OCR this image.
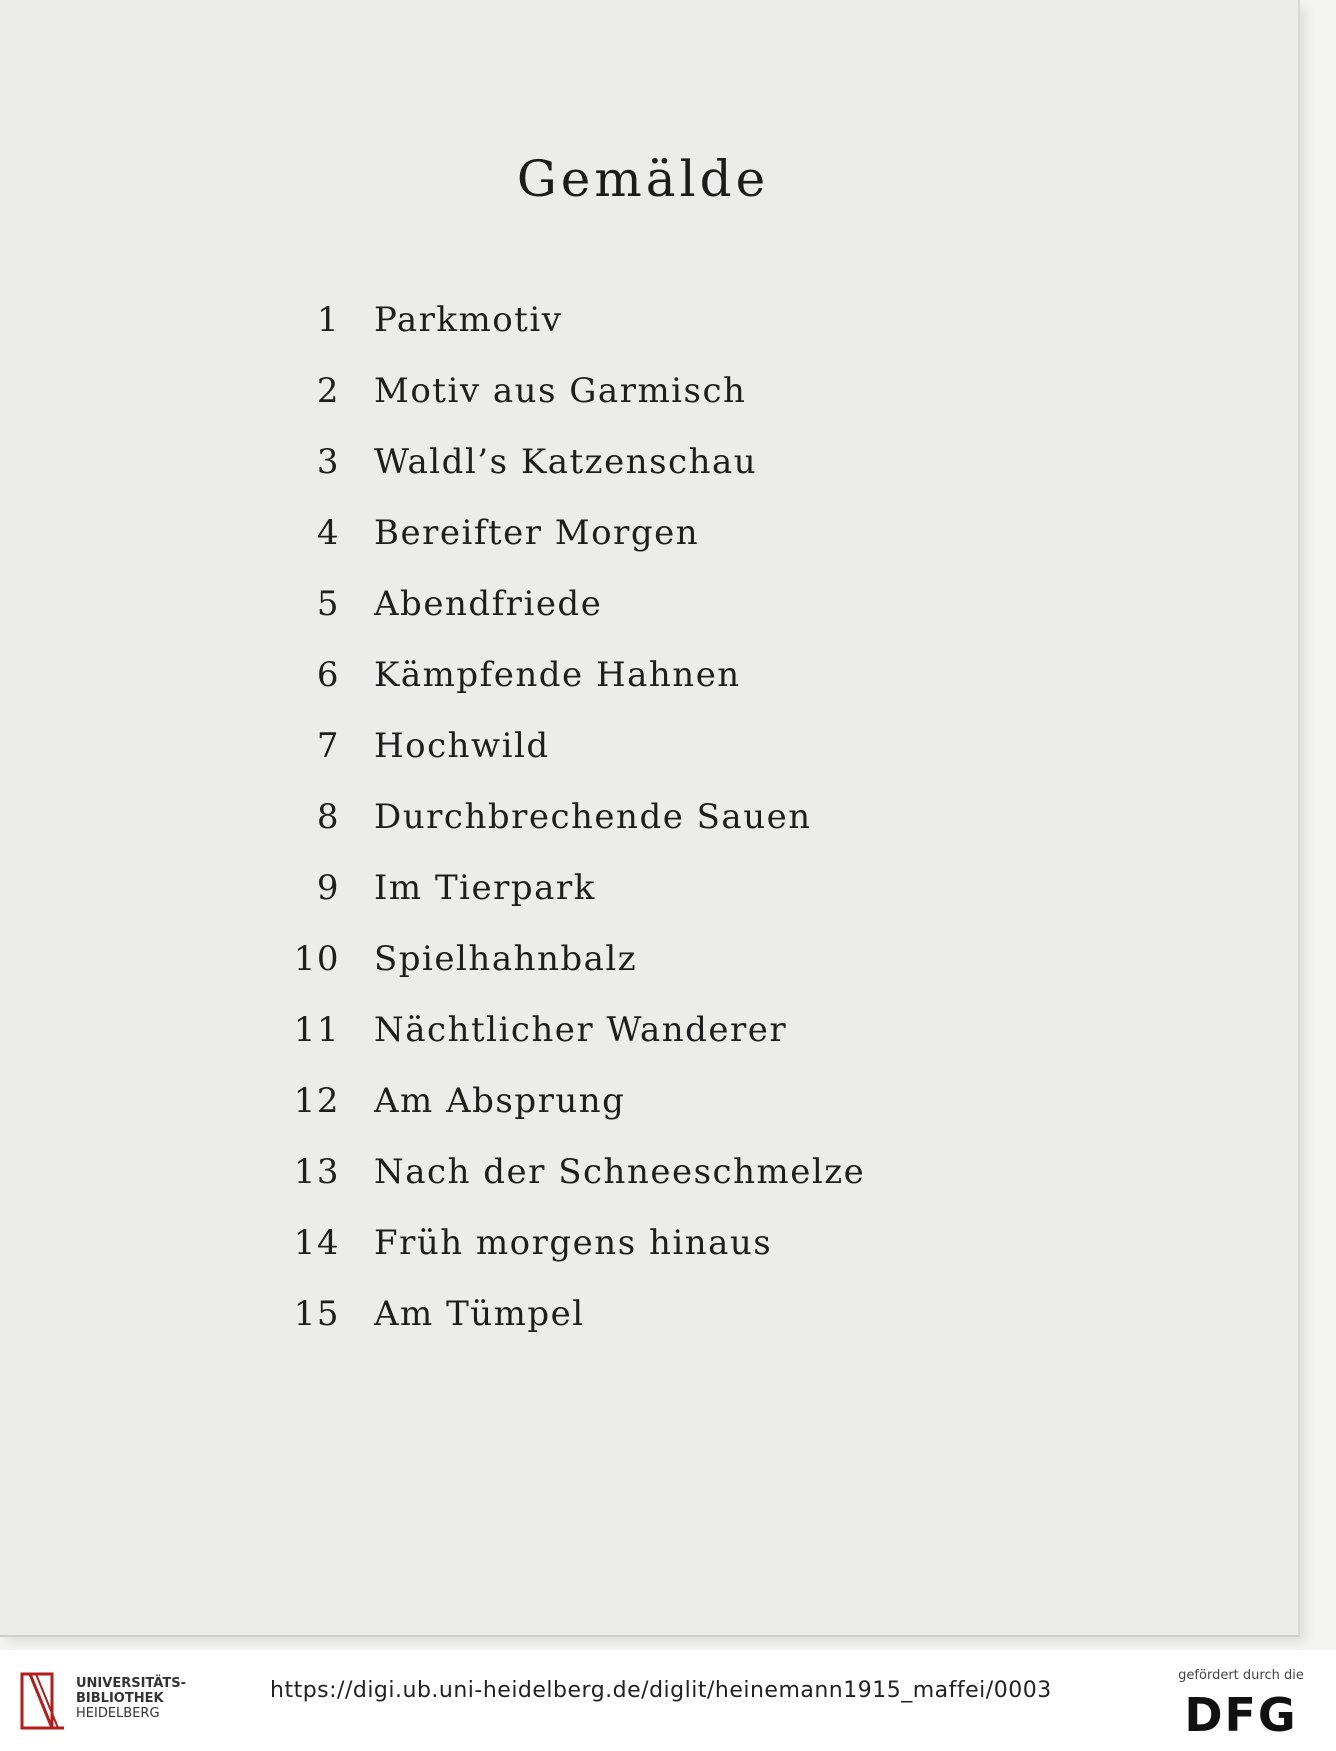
Gemälde
1 Parkmotiv
2 Motiv aus Garmisch
3 Waldl’s Katzenschau
4 Bereifter Morgen
5 Abendfriede
6 Kämpfende Hahnen
7 Hochwild
8 Durchbrechende Sauen
9 Im Tierpark
10 Spielhahnbalz
11 Nächtlicher Wanderer
12 Am Absprung
13 Nach der Schneeschmelze
14 Früh morgens hinaus
15 Am Tümpel
UNIVERSITÄTS-
BIBLIOTHEK
HEIDELBERG
https://digi.ub.uni-heidelberg.de/diglit/heinemann1915_maffei/0003
gefördert durch die
DFG
